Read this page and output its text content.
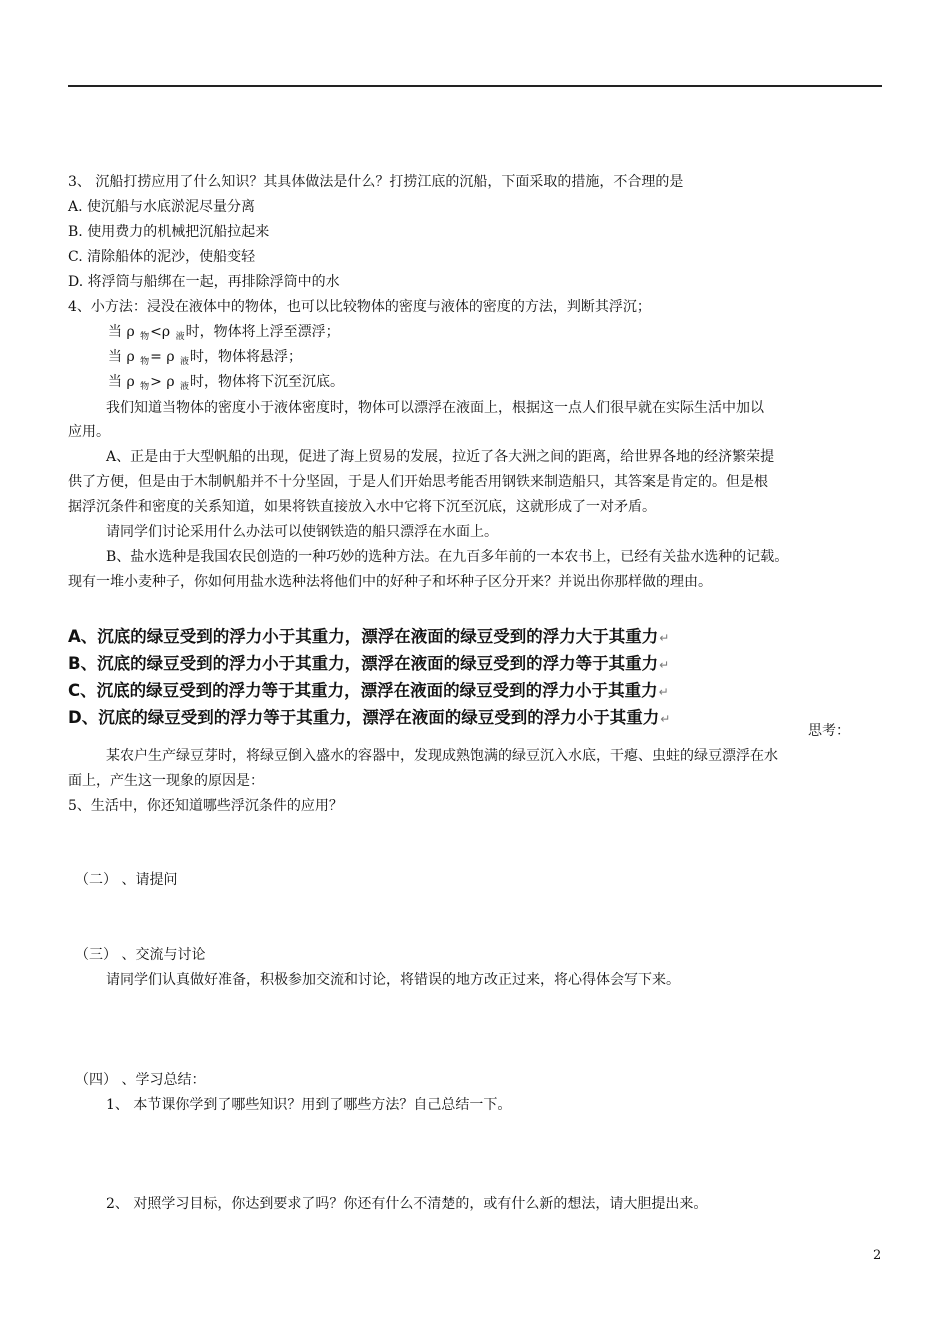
3、 沉船打捞应用了什么知识？其具体做法是什么？打捞江底的沉船，下面采取的措施，不合理的是
A. 使沉船与水底淤泥尽量分离
B. 使用费力的机械把沉船拉起来
C. 清除船体的泥沙，使船变轻
D. 将浮筒与船绑在一起，再排除浮筒中的水
4、小方法：浸没在液体中的物体，也可以比较物体的密度与液体的密度的方法，判断其浮沉；
当 ρ $_物$<ρ $_液$时，物体将上浮至漂浮；
当 ρ $_物$= ρ $_液$时，物体将悬浮；
当 ρ $_物$> ρ $_液$时，物体将下沉至沉底。
我们知道当物体的密度小于液体密度时，物体可以漂浮在液面上，根据这一点人们很早就在实际生活中加以
应用。
A、正是由于大型帆船的出现，促进了海上贸易的发展，拉近了各大洲之间的距离，给世界各地的经济繁荣提
供了方便，但是由于木制帆船并不十分坚固，于是人们开始思考能否用钢铁来制造船只，其答案是肯定的。但是根
据浮沉条件和密度的关系知道，如果将铁直接放入水中它将下沉至沉底，这就形成了一对矛盾。
请同学们讨论采用什么办法可以使钢铁造的船只漂浮在水面上。
B、盐水选种是我国农民创造的一种巧妙的选种方法。在九百多年前的一本农书上，已经有关盐水选种的记载。
现有一堆小麦种子，你如何用盐水选种法将他们中的好种子和坏种子区分开来？并说出你那样做的理由。
A、沉底的绿豆受到的浮力小于其重力，漂浮在液面的绿豆受到的浮力大于其重力↵
B、沉底的绿豆受到的浮力小于其重力，漂浮在液面的绿豆受到的浮力等于其重力↵
C、沉底的绿豆受到的浮力等于其重力，漂浮在液面的绿豆受到的浮力小于其重力↵
D、沉底的绿豆受到的浮力等于其重力，漂浮在液面的绿豆受到的浮力小于其重力↵
思考：
某农户生产绿豆芽时，将绿豆倒入盛水的容器中，发现成熟饱满的绿豆沉入水底，干瘪、虫蛀的绿豆漂浮在水
面上，产生这一现象的原因是：
5、生活中，你还知道哪些浮沉条件的应用？
（二） 、请提问
（三） 、交流与讨论
请同学们认真做好准备，积极参加交流和讨论，将错误的地方改正过来，将心得体会写下来。
（四） 、学习总结：
1、 本节课你学到了哪些知识？用到了哪些方法？自己总结一下。
2、 对照学习目标，你达到要求了吗？你还有什么不清楚的，或有什么新的想法，请大胆提出来。
2
